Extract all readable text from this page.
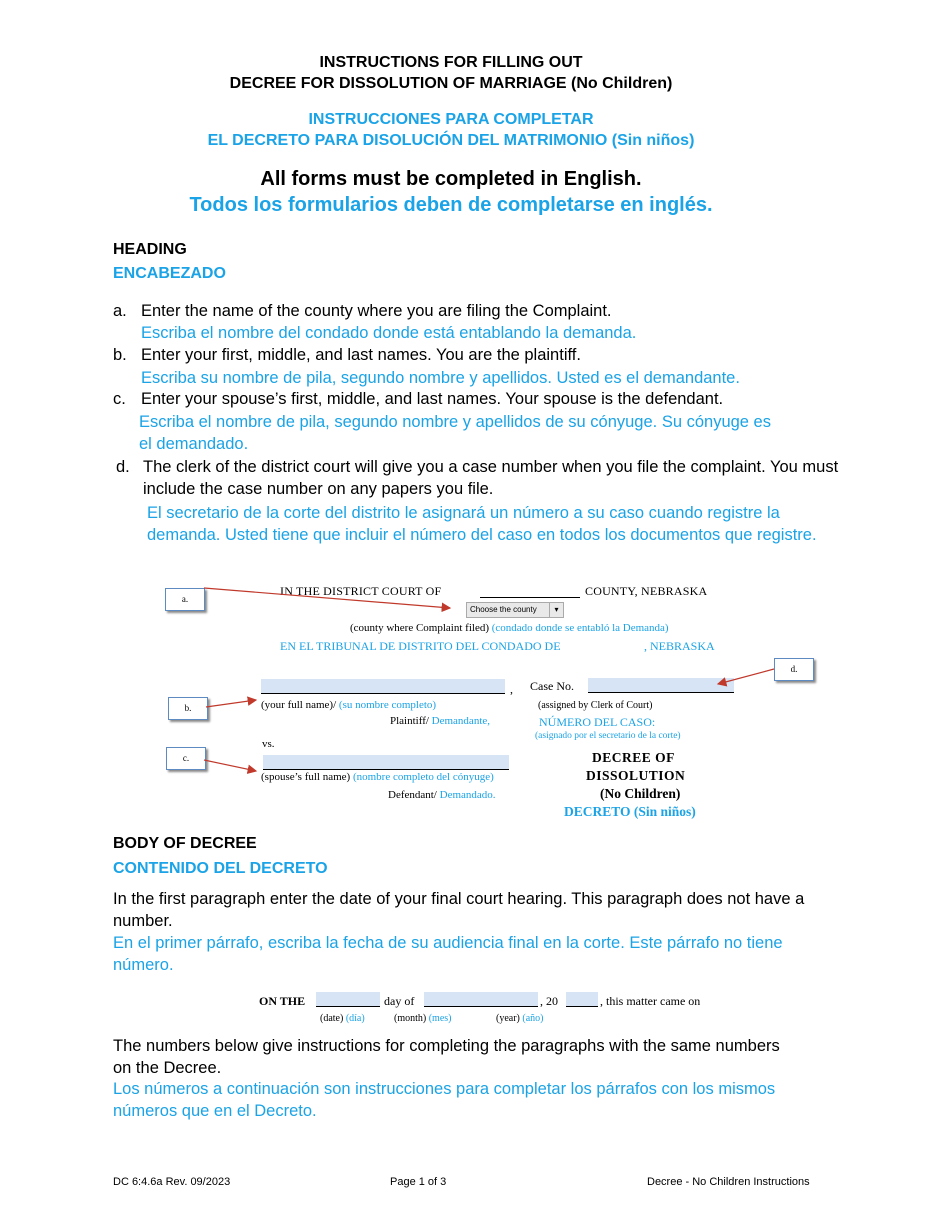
INSTRUCTIONS FOR FILLING OUT
DECREE FOR DISSOLUTION OF MARRIAGE (No Children)
INSTRUCCIONES PARA COMPLETAR
EL DECRETO PARA DISOLUCIÓN DEL MATRIMONIO (Sin niños)
All forms must be completed in English.
Todos los formularios deben de completarse en inglés.
HEADING
ENCABEZADO
a. Enter the name of the county where you are filing the Complaint.
Escriba el nombre del condado donde está entablando la demanda.
b. Enter your first, middle, and last names. You are the plaintiff.
Escriba su nombre de pila, segundo nombre y apellidos. Usted es el demandante.
c. Enter your spouse’s first, middle, and last names. Your spouse is the defendant.
Escriba el nombre de pila, segundo nombre y apellidos de su cónyuge. Su cónyuge es el demandado.
d. The clerk of the district court will give you a case number when you file the complaint. You must include the case number on any papers you file.
El secretario de la corte del distrito le asignará un número a su caso cuando registre la demanda. Usted tiene que incluir el número del caso en todos los documentos que registre.
IN THE DISTRICT COURT OF	COUNTY, NEBRASKA
Choose the county	▾
(county where Complaint filed) (condado donde se entabló la Demanda)
EN EL TRIBUNAL DE DISTRITO DEL CONDADO DE	, NEBRASKA
,
(your full name)/ (su nombre completo)
Plaintiff/ Demandante,
Case No.
(assigned by Clerk of Court)
NÚMERO DEL CASO:
(asignado por el secretario de la corte)
vs.
(spouse’s full name) (nombre completo del cónyuge)
Defendant/ Demandado.
DECREE OF
DISSOLUTION
(No Children)
DECRETO (Sin niños)
a.
b.
c.
d.
BODY OF DECREE
CONTENIDO DEL DECRETO
In the first paragraph enter the date of your final court hearing. This paragraph does not have a number.
En el primer párrafo, escriba la fecha de su audiencia final en la corte. Este párrafo no tiene número.
ON THE	day of	, 20	, this matter came on
(date) (día)	(month) (mes)	(year) (año)
The numbers below give instructions for completing the paragraphs with the same numbers on the Decree.
Los números a continuación son instrucciones para completar los párrafos con los mismos números que en el Decreto.
DC 6:4.6a Rev. 09/2023	Page 1 of 3	Decree - No Children Instructions
